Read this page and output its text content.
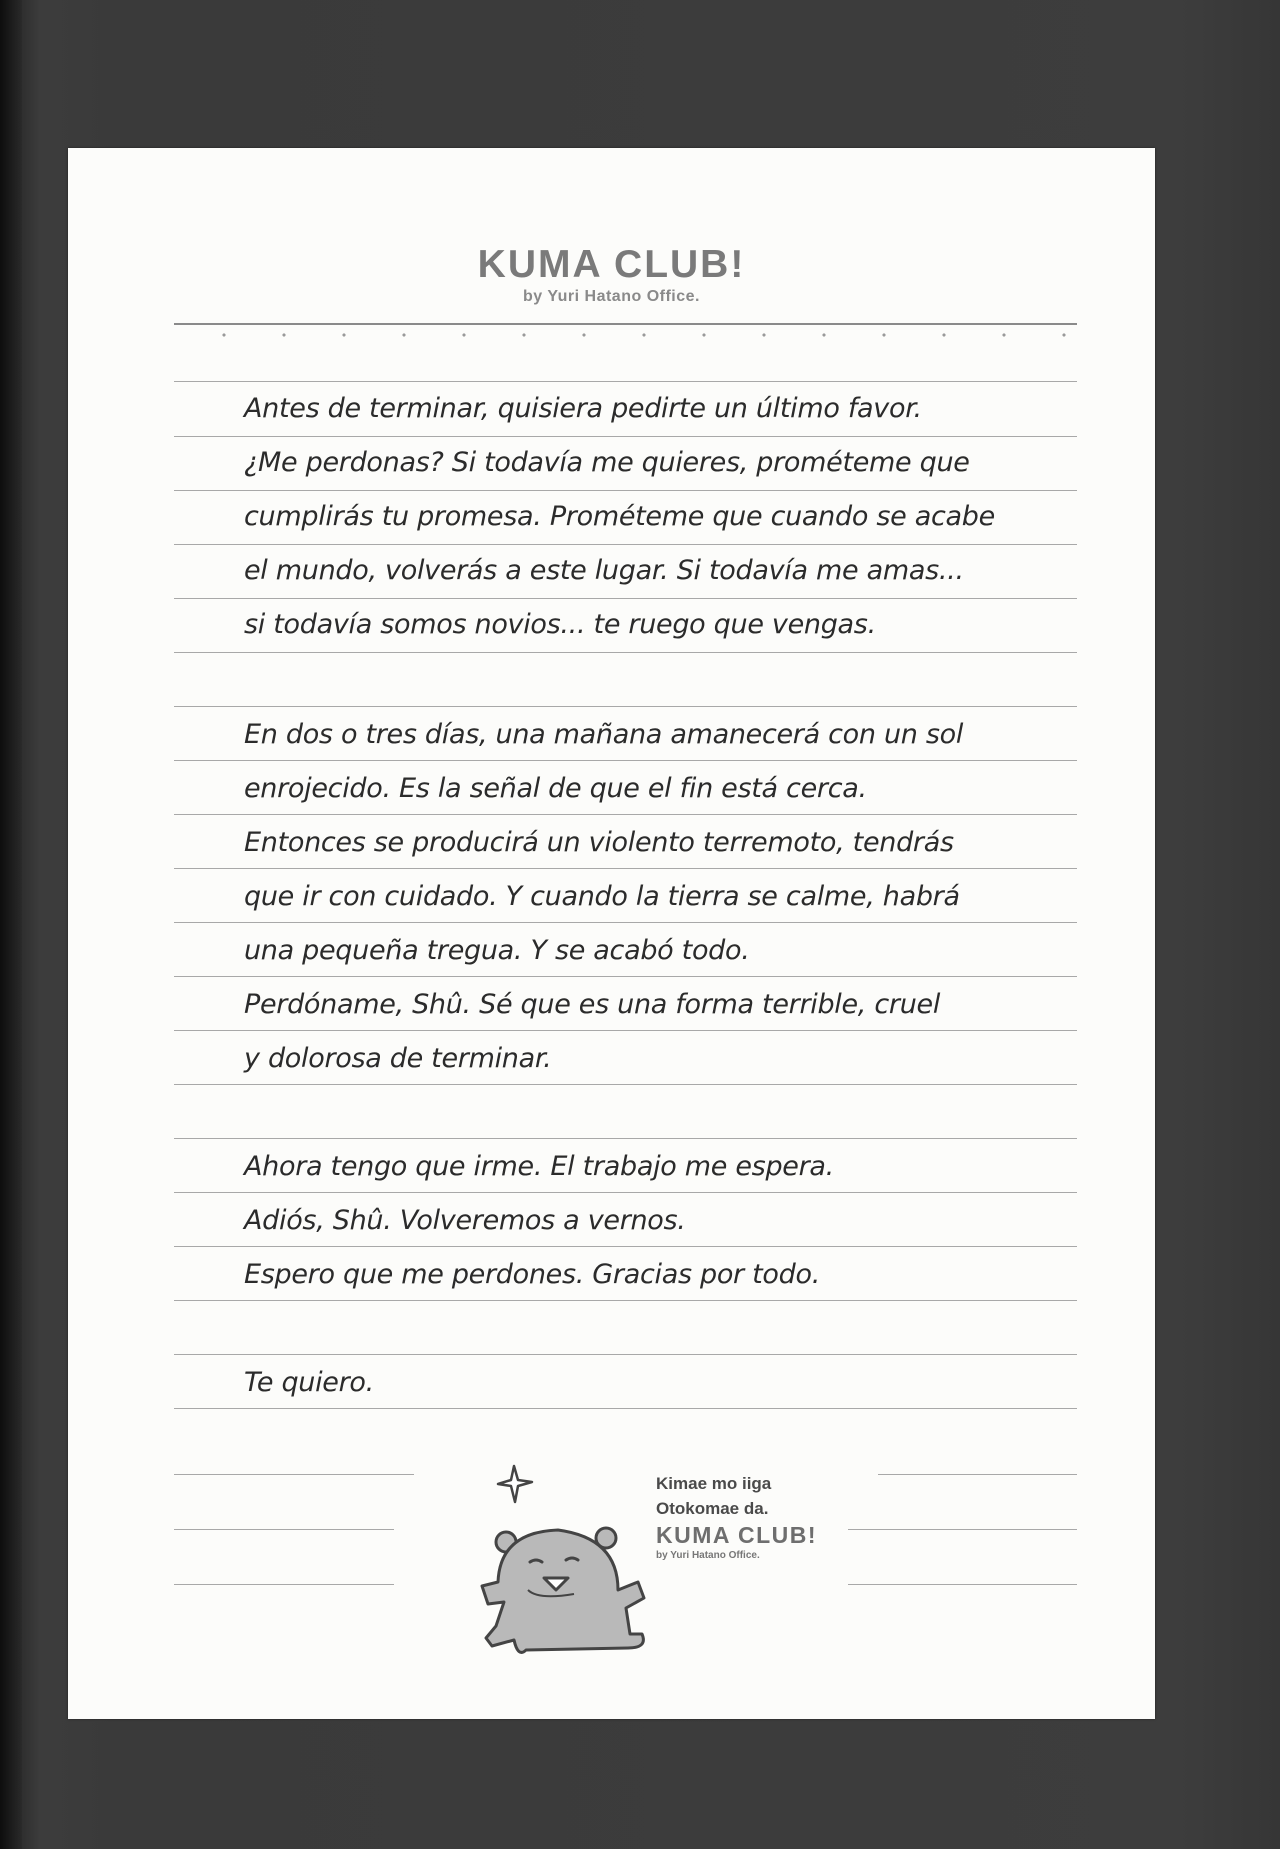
KUMA CLUB!
by Yuri Hatano Office.
Antes de terminar, quisiera pedirte un último favor.
¿Me perdonas? Si todavía me quieres, prométeme que
cumplirás tu promesa. Prométeme que cuando se acabe
el mundo, volverás a este lugar. Si todavía me amas...
si todavía somos novios... te ruego que vengas.
En dos o tres días, una mañana amanecerá con un sol
enrojecido. Es la señal de que el fin está cerca.
Entonces se producirá un violento terremoto, tendrás
que ir con cuidado. Y cuando la tierra se calme, habrá
una pequeña tregua. Y se acabó todo.
Perdóname, Shû. Sé que es una forma terrible, cruel
y dolorosa de terminar.
Ahora tengo que irme. El trabajo me espera.
Adiós, Shû. Volveremos a vernos.
Espero que me perdones. Gracias por todo.
Te quiero.
Kimae mo iiga
Otokomae da.
KUMA CLUB!
by Yuri Hatano Office.
